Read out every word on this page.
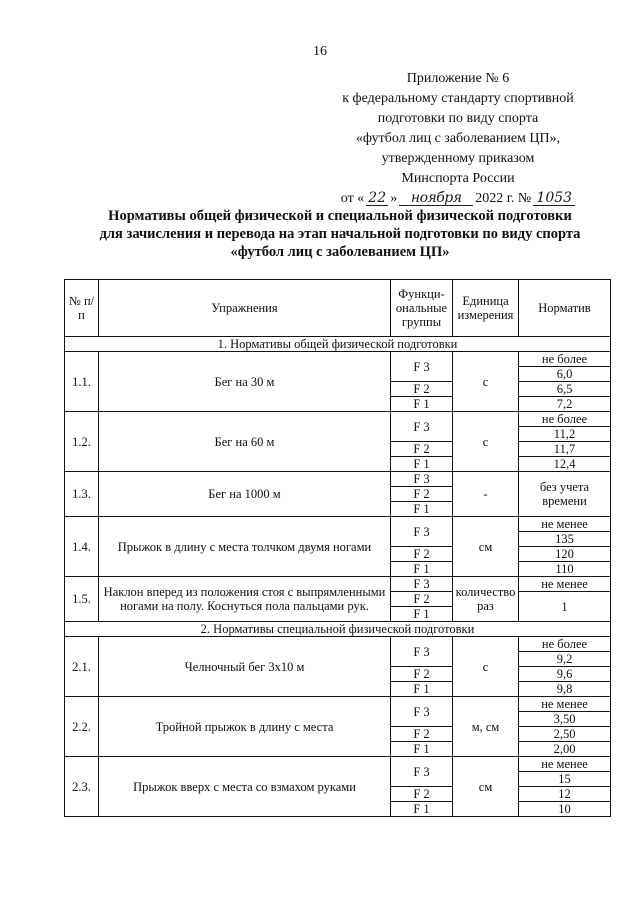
16
Приложение № 6
к федеральному стандарту спортивной
подготовки по виду спорта
«футбол лиц с заболеванием ЦП»,
утвержденному приказом
Минспорта России
от « 22 » ноября 2022 г. № 1053
Нормативы общей физической и специальной физической подготовки
для зачисления и перевода на этап начальной подготовки по виду спорта
«футбол лиц с заболеванием ЦП»
№ п/п	Упражнения	Функци-ональные группы	Единица измерения	Норматив
1. Нормативы общей физической подготовки				
1.1.	Бег на 30 м	F 3	с	не более
				6,0
		F 2		6,5
		F 1		7,2
1.2.	Бег на 60 м	F 3	с	не более
				11,2
		F 2		11,7
		F 1		12,4
1.3.	Бег на 1000 м	F 3	-	без учета времени
		F 2		
		F 1		
1.4.	Прыжок в длину с места толчком двумя ногами	F 3	см	не менее
				135
		F 2		120
		F 1		110
1.5.	Наклон вперед из положения стоя с выпрямленными ногами на полу. Коснуться пола пальцами рук.	F 3	количество раз	не менее
				1
		F 2		
		F 1		
2. Нормативы специальной физической подготовки				
2.1.	Челночный бег 3х10 м	F 3	с	не более
				9,2
		F 2		9,6
		F 1		9,8
2.2.	Тройной прыжок в длину с места	F 3	м, см	не менее
				3,50
		F 2		2,50
		F 1		2,00
2.3.	Прыжок вверх с места со взмахом руками	F 3	см	не менее
				15
		F 2		12
		F 1		10
